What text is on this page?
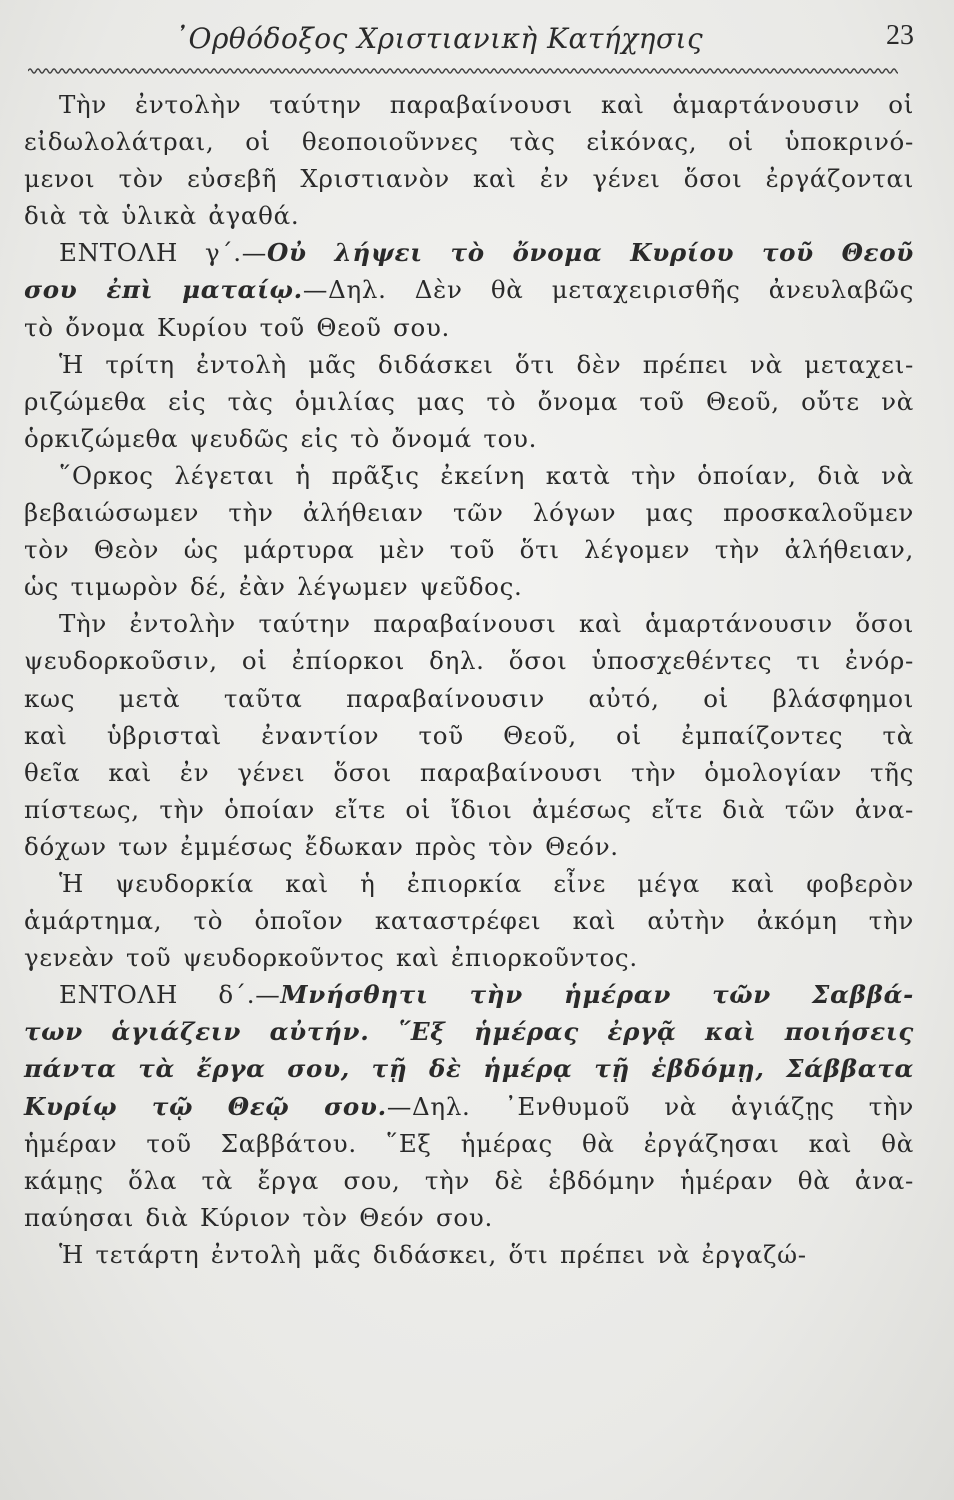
᾿Ορθόδοξος Χριστιανικὴ Κατήχησις	23
Τὴν ἐντολὴν ταύτην παραβαίνουσι καὶ ἁμαρτάνουσιν οἱ
εἰδωλολάτραι, οἱ θεοποιοῦννες τὰς εἰκόνας, οἱ ὑποκρινό-
μενοι τὸν εὐσεβῆ Χριστιανὸν καὶ ἐν γένει ὅσοι ἐργάζονται
διὰ τὰ ὑλικὰ ἀγαθά.
ΕΝΤΟΛΗ γ΄.—Οὐ λήψει τὸ ὄνομα Κυρίου τοῦ Θεοῦ
σου ἐπὶ ματαίῳ.—Δηλ. Δὲν θὰ μεταχειρισθῆς ἀνευλαβῶς
τὸ ὄνομα Κυρίου τοῦ Θεοῦ σου.
Ἡ τρίτη ἐντολὴ μᾶς διδάσκει ὅτι δὲν πρέπει νὰ μεταχει-
ριζώμεθα εἰς τὰς ὁμιλίας μας τὸ ὄνομα τοῦ Θεοῦ, οὔτε νὰ
ὁρκιζώμεθα ψευδῶς εἰς τὸ ὄνομά του.
῞Ορκος λέγεται ἡ πρᾶξις ἐκείνη κατὰ τὴν ὁποίαν, διὰ νὰ
βεβαιώσωμεν τὴν ἀλήθειαν τῶν λόγων μας προσκαλοῦμεν
τὸν Θεὸν ὡς μάρτυρα μὲν τοῦ ὅτι λέγομεν τὴν ἀλήθειαν,
ὡς τιμωρὸν δέ, ἐὰν λέγωμεν ψεῦδος.
Τὴν ἐντολὴν ταύτην παραβαίνουσι καὶ ἁμαρτάνουσιν ὅσοι
ψευδορκοῦσιν, οἱ ἐπίορκοι δηλ. ὅσοι ὑποσχεθέντες τι ἐνόρ-
κως μετὰ ταῦτα παραβαίνουσιν αὐτό, οἱ βλάσφημοι
καὶ ὑβρισταὶ ἐναντίον τοῦ Θεοῦ, οἱ ἐμπαίζοντες τὰ
θεῖα καὶ ἐν γένει ὅσοι παραβαίνουσι τὴν ὁμολογίαν τῆς
πίστεως, τὴν ὁποίαν εἴτε οἱ ἴδιοι ἀμέσως εἴτε διὰ τῶν ἀνα-
δόχων των ἐμμέσως ἔδωκαν πρὸς τὸν Θεόν.
Ἡ ψευδορκία καὶ ἡ ἐπιορκία εἶνε μέγα καὶ φοβερὸν
ἁμάρτημα, τὸ ὁποῖον καταστρέφει καὶ αὐτὴν ἀκόμη τὴν
γενεὰν τοῦ ψευδορκοῦντος καὶ ἐπιορκοῦντος.
ΕΝΤΟΛΗ δ΄.—Μνήσθητι τὴν ἡμέραν τῶν Σαββά-
των ἁγιάζειν αὐτήν. ῞Εξ ἡμέρας ἐργᾷ καὶ ποιήσεις
πάντα τὰ ἔργα σου, τῇ δὲ ἡμέρᾳ τῇ ἑβδόμῃ, Σάββατα
Κυρίῳ τῷ Θεῷ σου.—Δηλ. ᾿Ενθυμοῦ νὰ ἁγιάζῃς τὴν
ἡμέραν τοῦ Σαββάτου. ῞Εξ ἡμέρας θὰ ἐργάζησαι καὶ θὰ
κάμῃς ὅλα τὰ ἔργα σου, τὴν δὲ ἑβδόμην ἡμέραν θὰ ἀνα-
παύησαι διὰ Κύριον τὸν Θεόν σου.
Ἡ τετάρτη ἐντολὴ μᾶς διδάσκει, ὅτι πρέπει νὰ ἐργαζώ-
